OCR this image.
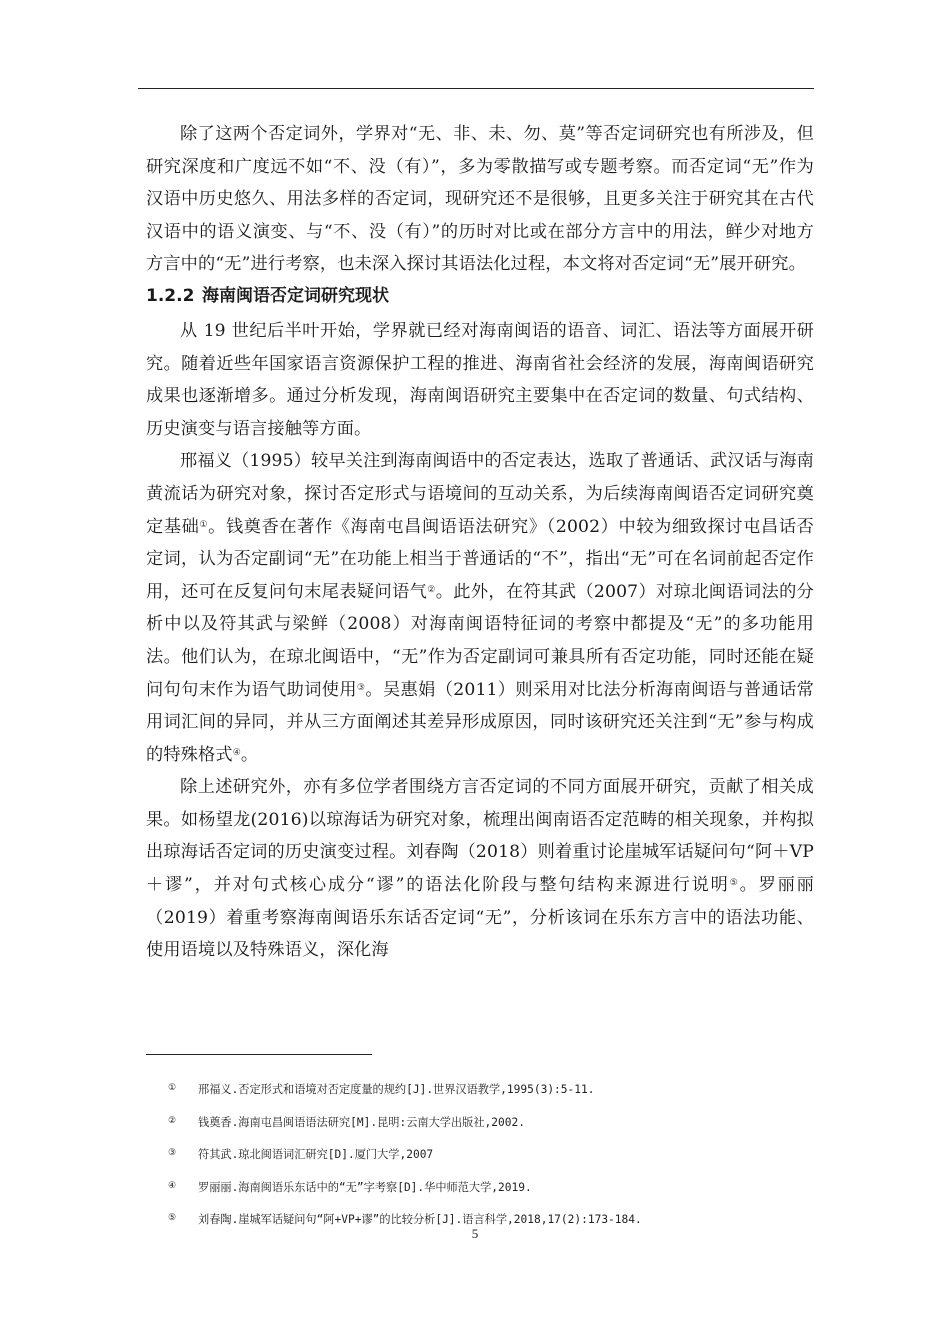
除了这两个否定词外，学界对“无、非、未、勿、莫”等否定词研究也有所涉及，但研究深度和广度远不如“不、没（有）”，多为零散描写或专题考察。而否定词“无”作为汉语中历史悠久、用法多样的否定词，现研究还不是很够，且更多关注于研究其在古代汉语中的语义演变、与“不、没（有）”的历时对比或在部分方言中的用法，鲜少对地方方言中的“无”进行考察，也未深入探讨其语法化过程，本文将对否定词“无”展开研究。

1.2.2 海南闽语否定词研究现状

从 19 世纪后半叶开始，学界就已经对海南闽语的语音、词汇、语法等方面展开研究。随着近些年国家语言资源保护工程的推进、海南省社会经济的发展，海南闽语研究成果也逐渐增多。通过分析发现，海南闽语研究主要集中在否定词的数量、句式结构、历史演变与语言接触等方面。

邢福义（1995）较早关注到海南闽语中的否定表达，选取了普通话、武汉话与海南黄流话为研究对象，探讨否定形式与语境间的互动关系，为后续海南闽语否定词研究奠定基础①。钱奠香在著作《海南屯昌闽语语法研究》（2002）中较为细致探讨屯昌话否定词，认为否定副词“无”在功能上相当于普通话的“不”，指出“无”可在名词前起否定作用，还可在反复问句末尾表疑问语气②。此外，在符其武（2007）对琼北闽语词法的分析中以及符其武与梁鲜（2008）对海南闽语特征词的考察中都提及“无”的多功能用法。他们认为，在琼北闽语中，“无”作为否定副词可兼具所有否定功能，同时还能在疑问句句末作为语气助词使用③。吴惠娟（2011）则采用对比法分析海南闽语与普通话常用词汇间的异同，并从三方面阐述其差异形成原因，同时该研究还关注到“无”参与构成的特殊格式④。

除上述研究外，亦有多位学者围绕方言否定词的不同方面展开研究，贡献了相关成果。如杨望龙(2016)以琼海话为研究对象，梳理出闽南语否定范畴的相关现象，并构拟出琼海话否定词的历史演变过程。刘春陶（2018）则着重讨论崖城军话疑问句“阿＋VP＋谬”，并对句式核心成分“谬”的语法化阶段与整句结构来源进行说明⑤。罗丽丽（2019）着重考察海南闽语乐东话否定词“无”，分析该词在乐东方言中的语法功能、使用语境以及特殊语义，深化海

① 邢福义.否定形式和语境对否定度量的规约[J].世界汉语教学,1995(3):5-11.
② 钱奠香.海南屯昌闽语语法研究[M].昆明:云南大学出版社,2002.
③ 符其武.琼北闽语词汇研究[D].厦门大学,2007
④ 罗丽丽.海南闽语乐东话中的“无”字考察[D].华中师范大学,2019.
⑤ 刘春陶.崖城军话疑问句“阿+VP+谬”的比较分析[J].语言科学,2018,17(2):173-184.
5
